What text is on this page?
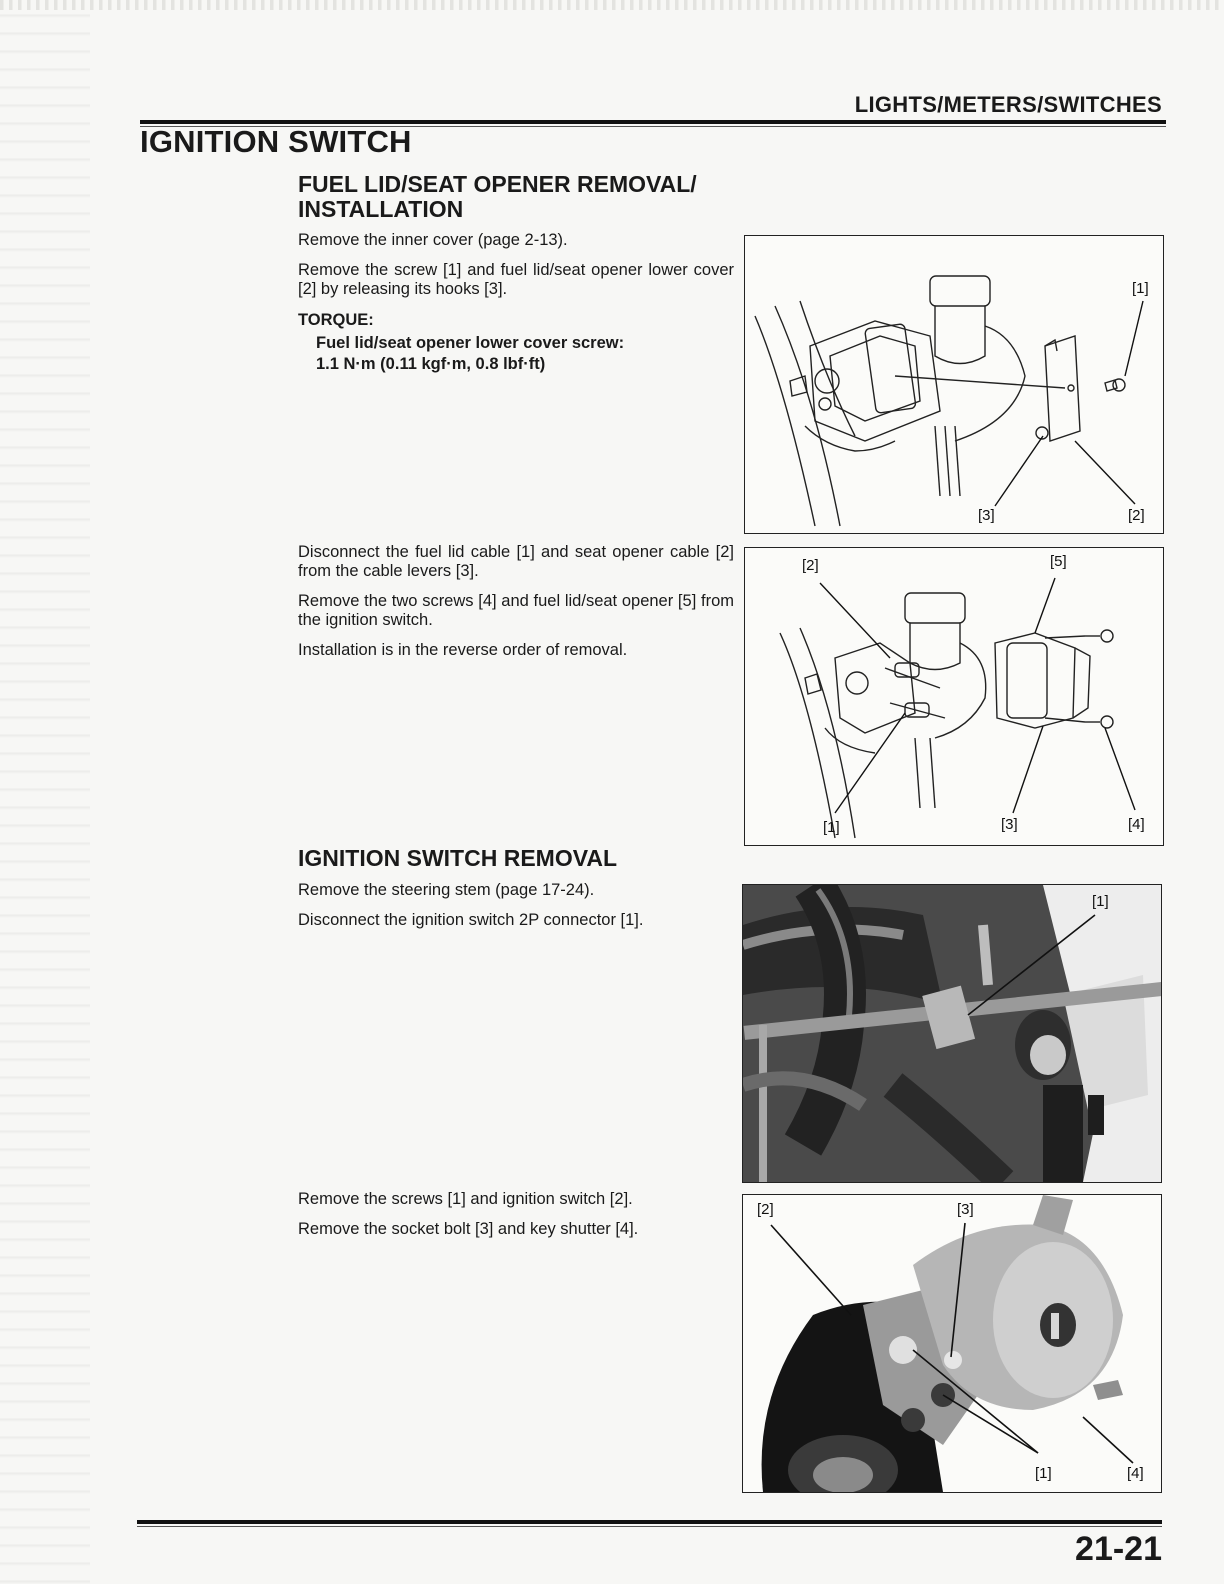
LIGHTS/METERS/SWITCHES
IGNITION SWITCH
FUEL LID/SEAT OPENER REMOVAL/
INSTALLATION
Remove the inner cover (page 2-13).
Remove the screw [1] and fuel lid/seat opener lower cover [2] by releasing its hooks [3].
TORQUE:
Fuel lid/seat opener lower cover screw:
1.1 N·m (0.11 kgf·m, 0.8 lbf·ft)
[1]
[3]	[2]
Disconnect the fuel lid cable [1] and seat opener cable [2] from the cable levers [3].
Remove the two screws [4] and fuel lid/seat opener [5] from the ignition switch.
Installation is in the reverse order of removal.
[2]	[5]
[1]	[3]	[4]
IGNITION SWITCH REMOVAL
Remove the steering stem (page 17-24).
Disconnect the ignition switch 2P connector [1].
[1]
Remove the screws [1] and ignition switch [2].
Remove the socket bolt [3] and key shutter [4].
[2]	[3]
[1]	[4]
21-21
